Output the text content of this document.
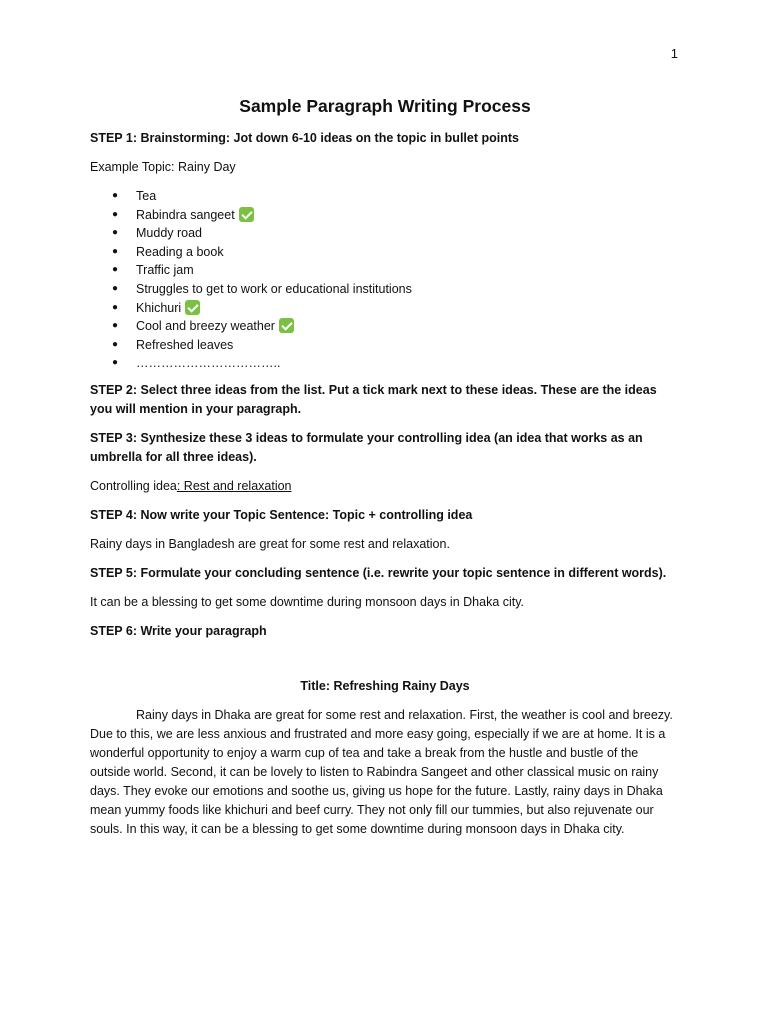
1
Sample Paragraph Writing Process
STEP 1: Brainstorming: Jot down 6-10 ideas on the topic in bullet points
Example Topic: Rainy Day
● Tea
● Rabindra sangeet
● Muddy road
● Reading a book
● Traffic jam
● Struggles to get to work or educational institutions
● Khichuri
● Cool and breezy weather
● Refreshed leaves
● ……………………………..
STEP 2: Select three ideas from the list. Put a tick mark next to these ideas. These are the ideas you will mention in your paragraph.
STEP 3: Synthesize these 3 ideas to formulate your controlling idea (an idea that works as an umbrella for all three ideas).
Controlling idea: Rest and relaxation
STEP 4: Now write your Topic Sentence: Topic + controlling idea
Rainy days in Bangladesh are great for some rest and relaxation.
STEP 5: Formulate your concluding sentence (i.e. rewrite your topic sentence in different words).
It can be a blessing to get some downtime during monsoon days in Dhaka city.
STEP 6: Write your paragraph
Title: Refreshing Rainy Days

Rainy days in Dhaka are great for some rest and relaxation. First, the weather is cool and breezy. Due to this, we are less anxious and frustrated and more easy going, especially if we are at home. It is a wonderful opportunity to enjoy a warm cup of tea and take a break from the hustle and bustle of the outside world. Second, it can be lovely to listen to Rabindra Sangeet and other classical music on rainy days. They evoke our emotions and soothe us, giving us hope for the future. Lastly, rainy days in Dhaka mean yummy foods like khichuri and beef curry. They not only fill our tummies, but also rejuvenate our souls. In this way, it can be a blessing to get some downtime during monsoon days in Dhaka city.
